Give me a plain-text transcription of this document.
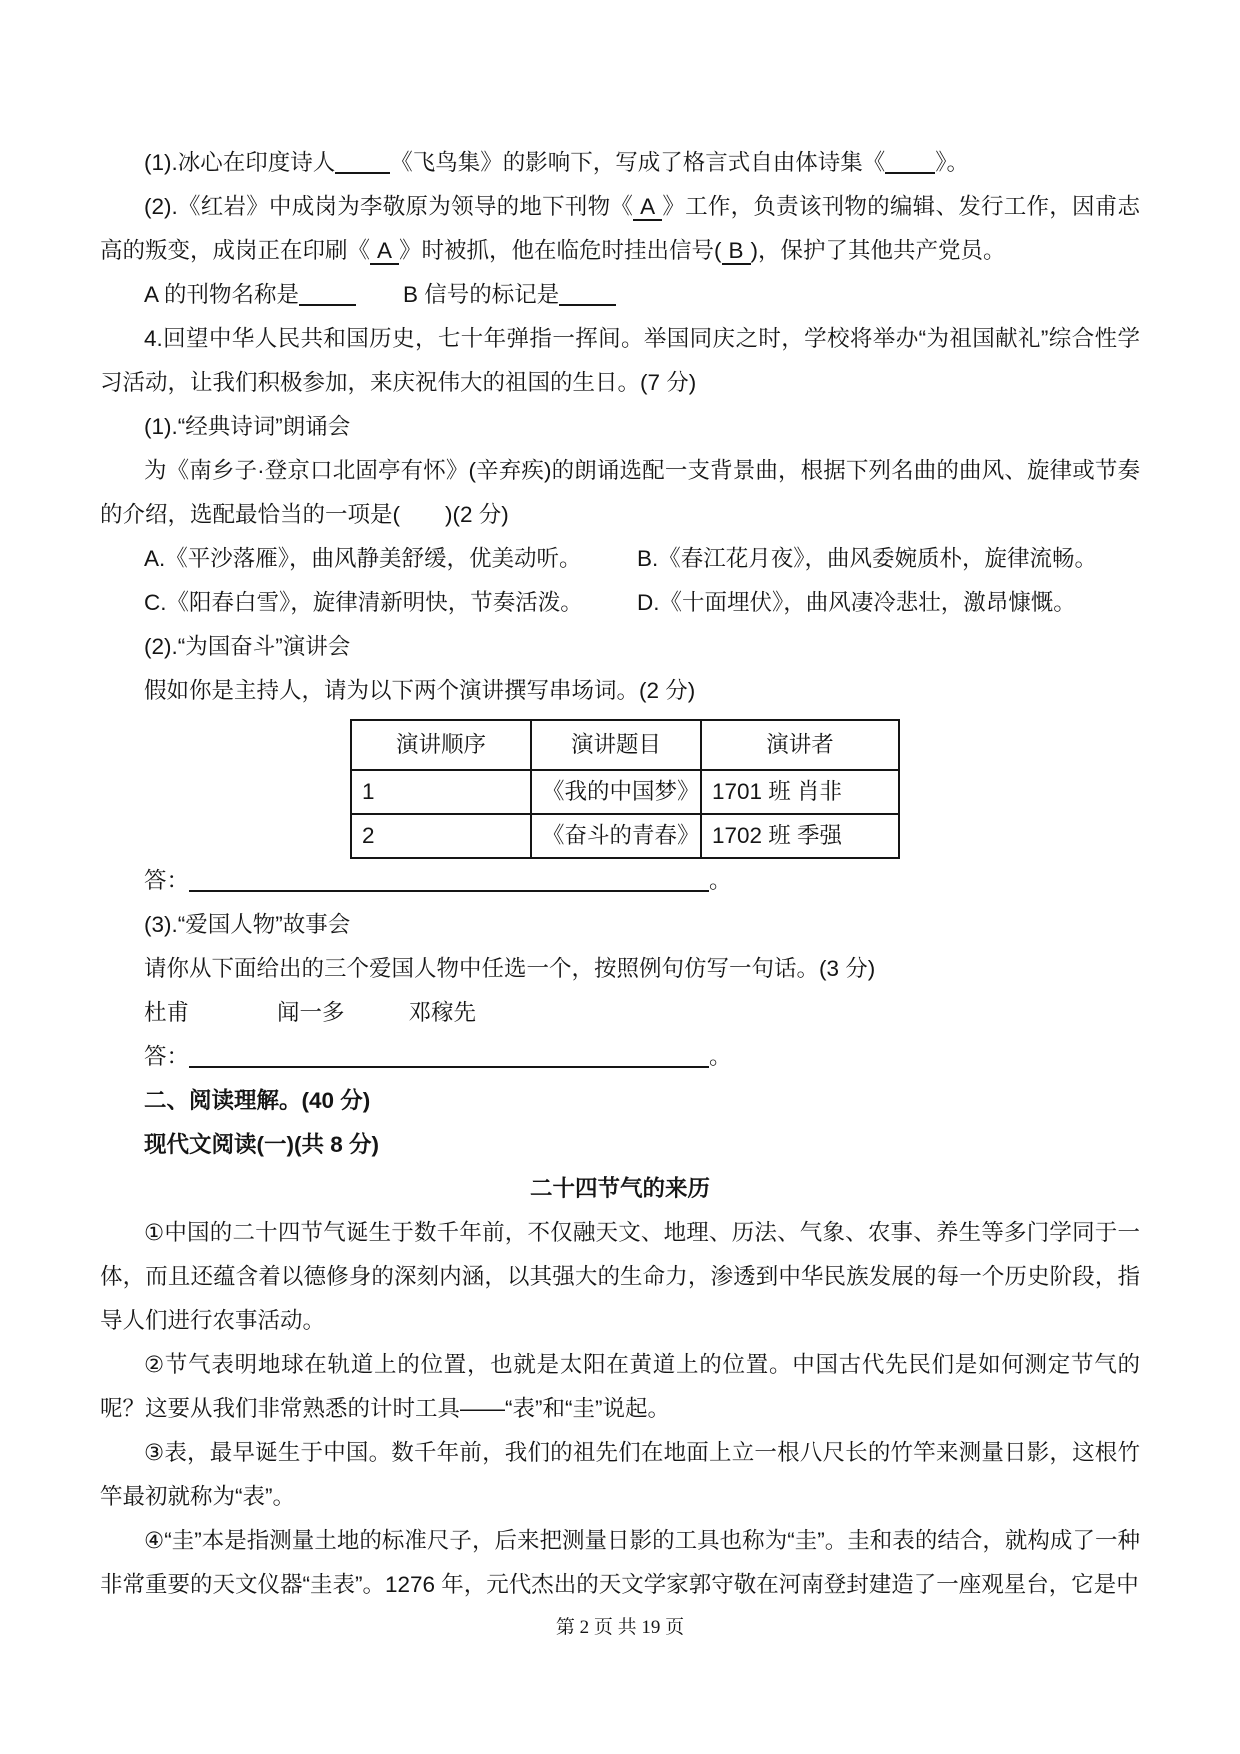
(1).冰心在印度诗人 《飞鸟集》的影响下，写成了格言式自由体诗集《 》。

(2).《红岩》中成岗为李敬原为领导的地下刊物《 A 》工作，负责该刊物的编辑、发行工作，因甫志高的叛变，成岗正在印刷《 A 》时被抓，他在临危时挂出信号( B )，保护了其他共产党员。

A 的刊物名称是	B 信号的标记是

4.回望中华人民共和国历史，七十年弹指一挥间。举国同庆之时，学校将举办“为祖国献礼”综合性学习活动，让我们积极参加，来庆祝伟大的祖国的生日。(7 分)

(1).“经典诗词”朗诵会

为《南乡子·登京口北固亭有怀》(辛弃疾)的朗诵选配一支背景曲，根据下列名曲的曲风、旋律或节奏的介绍，选配最恰当的一项是(　　)(2 分)

A.《平沙落雁》，曲风静美舒缓，优美动听。	B.《春江花月夜》，曲风委婉质朴，旋律流畅。
C.《阳春白雪》，旋律清新明快，节奏活泼。	D.《十面埋伏》，曲风凄冷悲壮，激昂慷慨。

(2).“为国奋斗”演讲会

假如你是主持人，请为以下两个演讲撰写串场词。(2 分)

演讲顺序	演讲题目	演讲者
1	《我的中国梦》	1701 班 肖非
2	《奋斗的青春》	1702 班 季强

答：	。

(3).“爱国人物”故事会

请你从下面给出的三个爱国人物中任选一个，按照例句仿写一句话。(3 分)

杜甫	闻一多	邓稼先

答：	。

二、阅读理解。(40 分)

现代文阅读(一)(共 8 分)

二十四节气的来历

①中国的二十四节气诞生于数千年前，不仅融天文、地理、历法、气象、农事、养生等多门学同于一体，而且还蕴含着以德修身的深刻内涵，以其强大的生命力，渗透到中华民族发展的每一个历史阶段，指导人们进行农事活动。

②节气表明地球在轨道上的位置，也就是太阳在黄道上的位置。中国古代先民们是如何测定节气的呢？这要从我们非常熟悉的计时工具——“表”和“圭”说起。

③表，最早诞生于中国。数千年前，我们的祖先们在地面上立一根八尺长的竹竿来测量日影，这根竹竿最初就称为“表”。

④“圭”本是指测量土地的标准尺子，后来把测量日影的工具也称为“圭”。圭和表的结合，就构成了一种非常重要的天文仪器“圭表”。1276 年，元代杰出的天文学家郭守敬在河南登封建造了一座观星台，它是中

第 2 页 共 19 页
